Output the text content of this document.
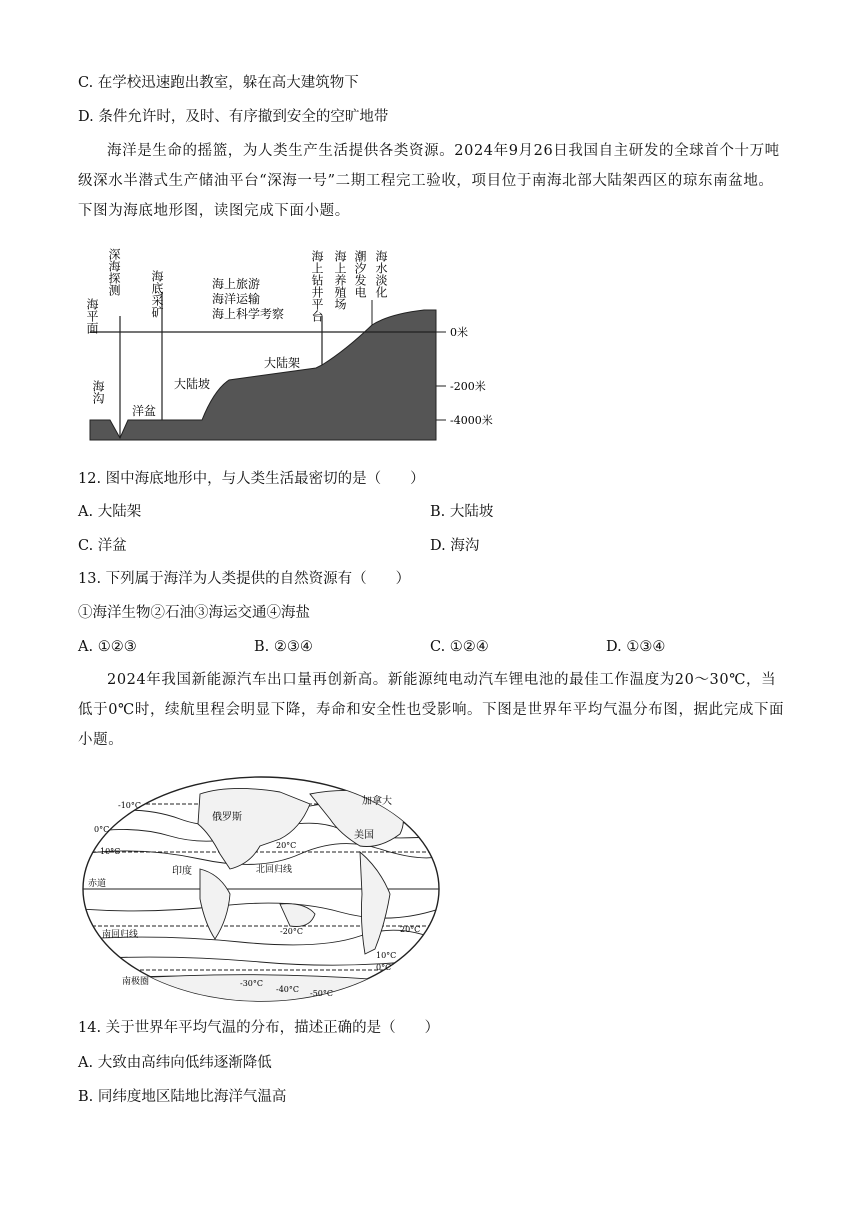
C. 在学校迅速跑出教室，躲在高大建筑物下
D. 条件允许时，及时、有序撤到安全的空旷地带
海洋是生命的摇篮，为人类生产生活提供各类资源。2024年9月26日我国自主研发的全球首个十万吨级深水半潜式生产储油平台“深海一号”二期工程完工验收，项目位于南海北部大陆架西区的琼东南盆地。下图为海底地形图，读图完成下面小题。
海平面
深海探测 海底采矿	海上旅游
海洋运输
海上科学考察 海上钻井平台 海上养殖场 潮汐发电 海水淡化
海沟
洋盆
大陆坡
大陆架
0米
-200米
-4000米
12. 图中海底地形中，与人类生活最密切的是（　　）
A. 大陆架	B. 大陆坡
C. 洋盆	D. 海沟
13. 下列属于海洋为人类提供的自然资源有（　　）
①海洋生物②石油③海运交通④海盐
A. ①②③	B. ②③④	C. ①②④	D. ①③④
2024年我国新能源汽车出口量再创新高。新能源纯电动汽车锂电池的最佳工作温度为20～30℃，当低于0℃时，续航里程会明显下降，寿命和安全性也受影响。下图是世界年平均气温分布图，据此完成下面小题。
俄罗斯
加拿大
美国
印度	北回归线
赤道
南回归线
南极圈
-10°C
0°C
10°C
20°C
-20°C
-30°C
-40°C -50°C
20°C
10°C
0°C
14. 关于世界年平均气温的分布，描述正确的是（　　）
A. 大致由高纬向低纬逐渐降低
B. 同纬度地区陆地比海洋气温高
